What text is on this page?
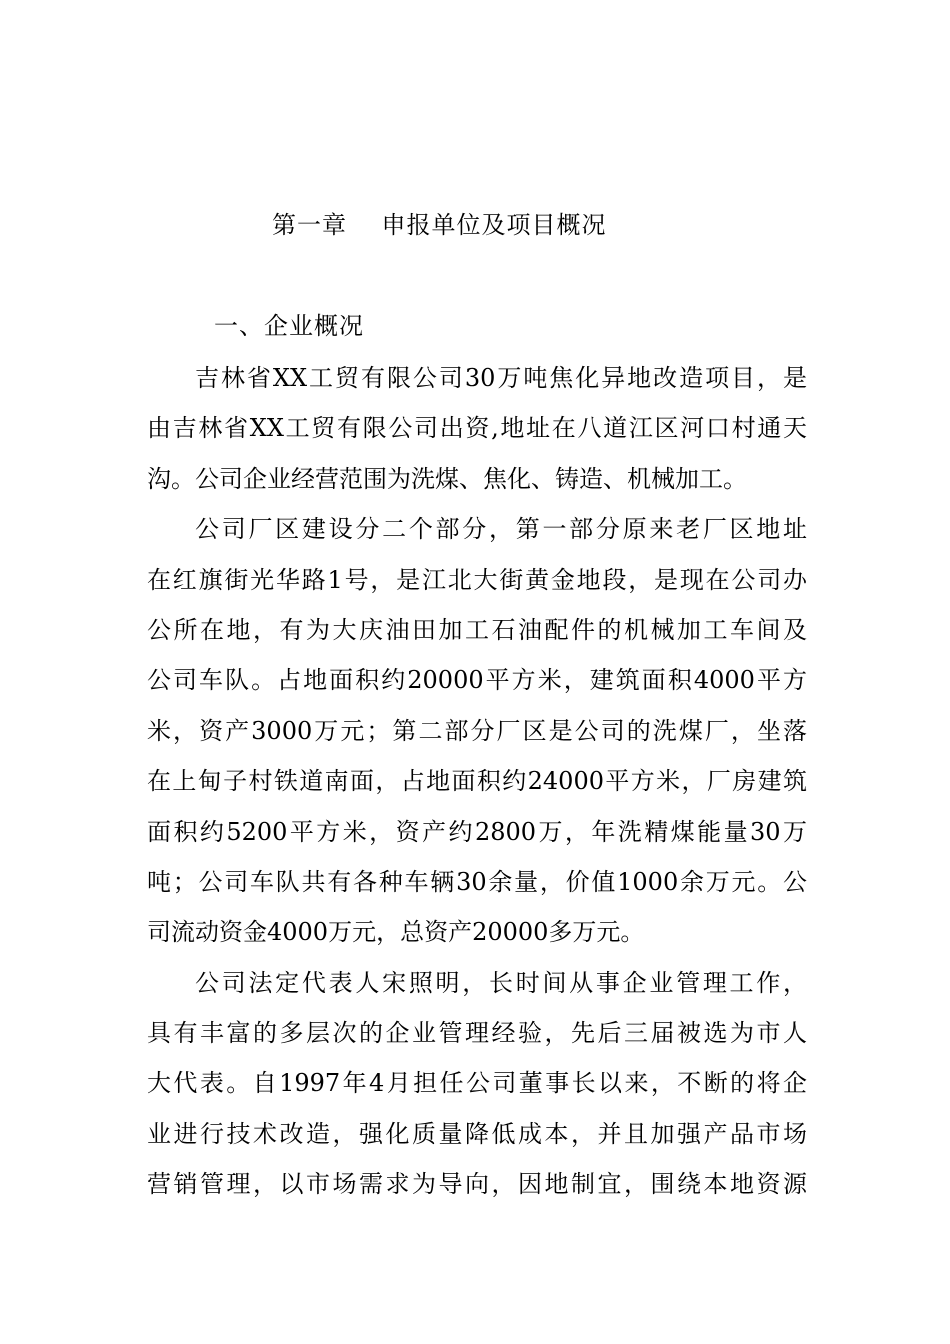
第一章    申报单位及项目概况
一、企业概况
吉林省XX工贸有限公司30万吨焦化异地改造项目，是
由吉林省XX工贸有限公司出资,地址在八道江区河口村通天
沟。公司企业经营范围为洗煤、焦化、铸造、机械加工。
公司厂区建设分二个部分，第一部分原来老厂区地址
在红旗街光华路1号，是江北大街黄金地段，是现在公司办
公所在地，有为大庆油田加工石油配件的机械加工车间及
公司车队。占地面积约20000平方米，建筑面积4000平方
米，资产3000万元；第二部分厂区是公司的洗煤厂，坐落
在上甸子村铁道南面，占地面积约24000平方米，厂房建筑
面积约5200平方米，资产约2800万，年洗精煤能量30万
吨；公司车队共有各种车辆30余量，价值1000余万元。公
司流动资金4000万元，总资产20000多万元。
公司法定代表人宋照明，长时间从事企业管理工作，
具有丰富的多层次的企业管理经验，先后三届被选为市人
大代表。自1997年4月担任公司董事长以来，不断的将企
业进行技术改造，强化质量降低成本，并且加强产品市场
营销管理，以市场需求为导向，因地制宜，围绕本地资源
